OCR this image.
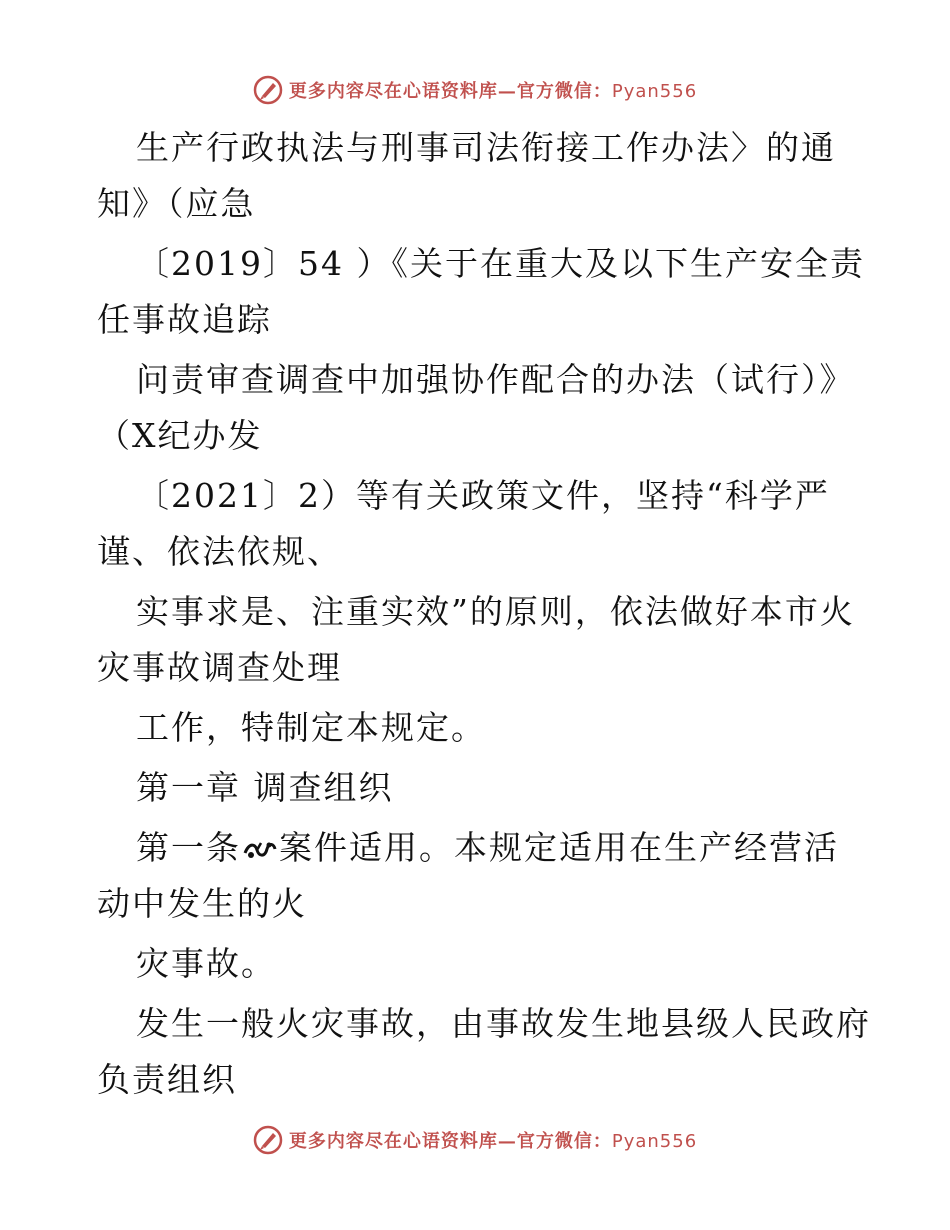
更多内容尽在心语资料库—官方微信：Pyan556
生产行政执法与刑事司法衔接工作办法〉的通
知》（应急
〔2019〕54 ）《关于在重大及以下生产安全责
任事故追踪
问责审查调查中加强协作配合的办法（试行）》
（X纪办发
〔2021〕2）等有关政策文件，坚持“科学严
谨、依法依规、
实事求是、注重实效”的原则，依法做好本市火
灾事故调查处理
工作，特制定本规定。
第一章 调查组织
第一条 案件适用。本规定适用在生产经营活
动中发生的火
灾事故。
发生一般火灾事故，由事故发生地县级人民政府
负责组织
更多内容尽在心语资料库—官方微信：Pyan556
